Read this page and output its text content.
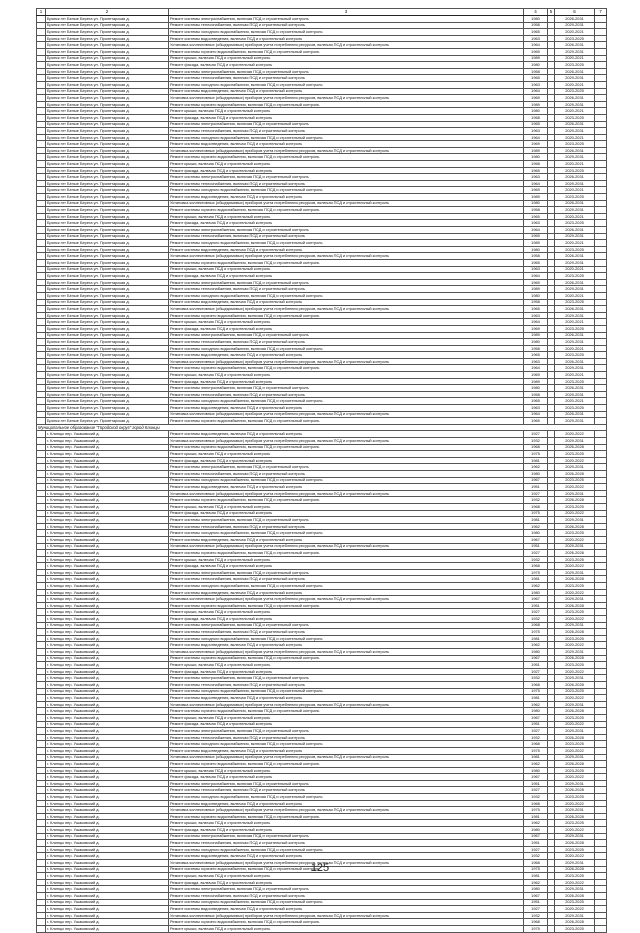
1	2	3	4	5	6	7
	Брянск пгт Белые Берега ул. Пролетарская д.	Ремонт системы электроснабжения, включая ПСД и строительный контроль	1980		2026-2031	
	Брянск пгт Белые Берега ул. Пролетарская д.	Ремонт системы теплоснабжения, включая ПСД и строительный контроль	1958		2029-2031	
	Брянск пгт Белые Берега ул. Пролетарская д.	Ремонт системы холодного водоснабжения, включая ПСД и строительный контроль	1965		2020-2021	
	Брянск пгт Белые Берега ул. Пролетарская д.	Ремонт системы водоотведения, включая ПСД и строительный контроль	1963		2023-2025	
	Брянск пгт Белые Берега ул. Пролетарская д.	Установка коллективных (общедомовых) приборов учета потребления ресурсов, включая ПСД и строительный контроль	1964		2026-2031	
	Брянск пгт Белые Берега ул. Пролетарская д.	Ремонт системы горячего водоснабжения, включая ПСД и строительный контроль	1969		2029-2031	
	Брянск пгт Белые Берега ул. Пролетарская д.	Ремонт крыши, включая ПСД и строительный контроль	1989		2020-2021	
	Брянск пгт Белые Берега ул. Пролетарская д.	Ремонт фасада, включая ПСД и строительный контроль	1980		2023-2025	
	Брянск пгт Белые Берега ул. Пролетарская д.	Ремонт системы электроснабжения, включая ПСД и строительный контроль	1958		2026-2031	
	Брянск пгт Белые Берега ул. Пролетарская д.	Ремонт системы теплоснабжения, включая ПСД и строительный контроль	1965		2029-2031	
	Брянск пгт Белые Берега ул. Пролетарская д.	Ремонт системы холодного водоснабжения, включая ПСД и строительный контроль	1963		2020-2021	
	Брянск пгт Белые Берега ул. Пролетарская д.	Ремонт системы водоотведения, включая ПСД и строительный контроль	1964		2023-2025	
	Брянск пгт Белые Берега ул. Пролетарская д.	Установка коллективных (общедомовых) приборов учета потребления ресурсов, включая ПСД и строительный контроль	1969		2026-2031	
	Брянск пгт Белые Берега ул. Пролетарская д.	Ремонт системы горячего водоснабжения, включая ПСД и строительный контроль	1989		2029-2031	
	Брянск пгт Белые Берега ул. Пролетарская д.	Ремонт крыши, включая ПСД и строительный контроль	1980		2020-2021	
	Брянск пгт Белые Берега ул. Пролетарская д.	Ремонт фасада, включая ПСД и строительный контроль	1958		2023-2025	
	Брянск пгт Белые Берега ул. Пролетарская д.	Ремонт системы электроснабжения, включая ПСД и строительный контроль	1965		2026-2031	
	Брянск пгт Белые Берега ул. Пролетарская д.	Ремонт системы теплоснабжения, включая ПСД и строительный контроль	1963		2029-2031	
	Брянск пгт Белые Берега ул. Пролетарская д.	Ремонт системы холодного водоснабжения, включая ПСД и строительный контроль	1964		2020-2021	
	Брянск пгт Белые Берега ул. Пролетарская д.	Ремонт системы водоотведения, включая ПСД и строительный контроль	1969		2023-2025	
	Брянск пгт Белые Берега ул. Пролетарская д.	Установка коллективных (общедомовых) приборов учета потребления ресурсов, включая ПСД и строительный контроль	1989		2026-2031	
	Брянск пгт Белые Берега ул. Пролетарская д.	Ремонт системы горячего водоснабжения, включая ПСД и строительный контроль	1980		2029-2031	
	Брянск пгт Белые Берега ул. Пролетарская д.	Ремонт крыши, включая ПСД и строительный контроль	1958		2020-2021	
	Брянск пгт Белые Берега ул. Пролетарская д.	Ремонт фасада, включая ПСД и строительный контроль	1965		2023-2025	
	Брянск пгт Белые Берега ул. Пролетарская д.	Ремонт системы электроснабжения, включая ПСД и строительный контроль	1963		2026-2031	
	Брянск пгт Белые Берега ул. Пролетарская д.	Ремонт системы теплоснабжения, включая ПСД и строительный контроль	1964		2029-2031	
	Брянск пгт Белые Берега ул. Пролетарская д.	Ремонт системы холодного водоснабжения, включая ПСД и строительный контроль	1969		2020-2021	
	Брянск пгт Белые Берега ул. Пролетарская д.	Ремонт системы водоотведения, включая ПСД и строительный контроль	1989		2023-2025	
	Брянск пгт Белые Берега ул. Пролетарская д.	Установка коллективных (общедомовых) приборов учета потребления ресурсов, включая ПСД и строительный контроль	1980		2026-2031	
	Брянск пгт Белые Берега ул. Пролетарская д.	Ремонт системы горячего водоснабжения, включая ПСД и строительный контроль	1958		2029-2031	
	Брянск пгт Белые Берега ул. Пролетарская д.	Ремонт крыши, включая ПСД и строительный контроль	1965		2020-2021	
	Брянск пгт Белые Берега ул. Пролетарская д.	Ремонт фасада, включая ПСД и строительный контроль	1963		2023-2025	
	Брянск пгт Белые Берега ул. Пролетарская д.	Ремонт системы электроснабжения, включая ПСД и строительный контроль	1964		2026-2031	
	Брянск пгт Белые Берега ул. Пролетарская д.	Ремонт системы теплоснабжения, включая ПСД и строительный контроль	1969		2029-2031	
	Брянск пгт Белые Берега ул. Пролетарская д.	Ремонт системы холодного водоснабжения, включая ПСД и строительный контроль	1989		2020-2021	
	Брянск пгт Белые Берега ул. Пролетарская д.	Ремонт системы водоотведения, включая ПСД и строительный контроль	1980		2023-2025	
	Брянск пгт Белые Берега ул. Пролетарская д.	Установка коллективных (общедомовых) приборов учета потребления ресурсов, включая ПСД и строительный контроль	1958		2026-2031	
	Брянск пгт Белые Берега ул. Пролетарская д.	Ремонт системы горячего водоснабжения, включая ПСД и строительный контроль	1965		2029-2031	
	Брянск пгт Белые Берега ул. Пролетарская д.	Ремонт крыши, включая ПСД и строительный контроль	1963		2020-2021	
	Брянск пгт Белые Берега ул. Пролетарская д.	Ремонт фасада, включая ПСД и строительный контроль	1964		2023-2025	
	Брянск пгт Белые Берега ул. Пролетарская д.	Ремонт системы электроснабжения, включая ПСД и строительный контроль	1969		2026-2031	
	Брянск пгт Белые Берега ул. Пролетарская д.	Ремонт системы теплоснабжения, включая ПСД и строительный контроль	1989		2029-2031	
	Брянск пгт Белые Берега ул. Пролетарская д.	Ремонт системы холодного водоснабжения, включая ПСД и строительный контроль	1980		2020-2021	
	Брянск пгт Белые Берега ул. Пролетарская д.	Ремонт системы водоотведения, включая ПСД и строительный контроль	1958		2023-2025	
	Брянск пгт Белые Берега ул. Пролетарская д.	Установка коллективных (общедомовых) приборов учета потребления ресурсов, включая ПСД и строительный контроль	1965		2026-2031	
	Брянск пгт Белые Берега ул. Пролетарская д.	Ремонт системы горячего водоснабжения, включая ПСД и строительный контроль	1963		2029-2031	
	Брянск пгт Белые Берега ул. Пролетарская д.	Ремонт крыши, включая ПСД и строительный контроль	1964		2020-2021	
	Брянск пгт Белые Берега ул. Пролетарская д.	Ремонт фасада, включая ПСД и строительный контроль	1969		2023-2025	
	Брянск пгт Белые Берега ул. Пролетарская д.	Ремонт системы электроснабжения, включая ПСД и строительный контроль	1989		2026-2031	
	Брянск пгт Белые Берега ул. Пролетарская д.	Ремонт системы теплоснабжения, включая ПСД и строительный контроль	1980		2029-2031	
	Брянск пгт Белые Берега ул. Пролетарская д.	Ремонт системы холодного водоснабжения, включая ПСД и строительный контроль	1958		2020-2021	
	Брянск пгт Белые Берега ул. Пролетарская д.	Ремонт системы водоотведения, включая ПСД и строительный контроль	1965		2023-2025	
	Брянск пгт Белые Берега ул. Пролетарская д.	Установка коллективных (общедомовых) приборов учета потребления ресурсов, включая ПСД и строительный контроль	1963		2026-2031	
	Брянск пгт Белые Берега ул. Пролетарская д.	Ремонт системы горячего водоснабжения, включая ПСД и строительный контроль	1964		2029-2031	
	Брянск пгт Белые Берега ул. Пролетарская д.	Ремонт крыши, включая ПСД и строительный контроль	1969		2020-2021	
	Брянск пгт Белые Берега ул. Пролетарская д.	Ремонт фасада, включая ПСД и строительный контроль	1989		2023-2025	
	Брянск пгт Белые Берега ул. Пролетарская д.	Ремонт системы электроснабжения, включая ПСД и строительный контроль	1980		2026-2031	
	Брянск пгт Белые Берега ул. Пролетарская д.	Ремонт системы теплоснабжения, включая ПСД и строительный контроль	1958		2029-2031	
	Брянск пгт Белые Берега ул. Пролетарская д.	Ремонт системы холодного водоснабжения, включая ПСД и строительный контроль	1965		2020-2021	
	Брянск пгт Белые Берега ул. Пролетарская д.	Ремонт системы водоотведения, включая ПСД и строительный контроль	1963		2023-2025	
	Брянск пгт Белые Берега ул. Пролетарская д.	Установка коллективных (общедомовых) приборов учета потребления ресурсов, включая ПСД и строительный контроль	1964		2026-2031	
	Брянск пгт Белые Берега ул. Пролетарская д.	Ремонт системы горячего водоснабжения, включая ПСД и строительный контроль	1969		2029-2031	
Муниципальное образование "Городской округ" город Клинцы						
	г. Клинцы пер. Ушаковский д.	Ремонт системы водоотведения, включая ПСД и строительный контроль	1927		2020-2022	
	г. Клинцы пер. Ушаковский д.	Установка коллективных (общедомовых) приборов учета потребления ресурсов, включая ПСД и строительный контроль	1932		2029-2031	
	г. Клинцы пер. Ушаковский д.	Ремонт системы горячего водоснабжения, включая ПСД и строительный контроль	1968		2026-2028	
	г. Клинцы пер. Ушаковский д.	Ремонт крыши, включая ПСД и строительный контроль	1975		2023-2025	
	г. Клинцы пер. Ушаковский д.	Ремонт фасада, включая ПСД и строительный контроль	1981		2020-2022	
	г. Клинцы пер. Ушаковский д.	Ремонт системы электроснабжения, включая ПСД и строительный контроль	1962		2029-2031	
	г. Клинцы пер. Ушаковский д.	Ремонт системы теплоснабжения, включая ПСД и строительный контроль	1980		2026-2028	
	г. Клинцы пер. Ушаковский д.	Ремонт системы холодного водоснабжения, включая ПСД и строительный контроль	1967		2023-2025	
	г. Клинцы пер. Ушаковский д.	Ремонт системы водоотведения, включая ПСД и строительный контроль	1951		2020-2022	
	г. Клинцы пер. Ушаковский д.	Установка коллективных (общедомовых) приборов учета потребления ресурсов, включая ПСД и строительный контроль	1927		2029-2031	
	г. Клинцы пер. Ушаковский д.	Ремонт системы горячего водоснабжения, включая ПСД и строительный контроль	1932		2026-2028	
	г. Клинцы пер. Ушаковский д.	Ремонт крыши, включая ПСД и строительный контроль	1968		2023-2025	
	г. Клинцы пер. Ушаковский д.	Ремонт фасада, включая ПСД и строительный контроль	1975		2020-2022	
	г. Клинцы пер. Ушаковский д.	Ремонт системы электроснабжения, включая ПСД и строительный контроль	1981		2029-2031	
	г. Клинцы пер. Ушаковский д.	Ремонт системы теплоснабжения, включая ПСД и строительный контроль	1962		2026-2028	
	г. Клинцы пер. Ушаковский д.	Ремонт системы холодного водоснабжения, включая ПСД и строительный контроль	1980		2023-2025	
	г. Клинцы пер. Ушаковский д.	Ремонт системы водоотведения, включая ПСД и строительный контроль	1967		2020-2022	
	г. Клинцы пер. Ушаковский д.	Установка коллективных (общедомовых) приборов учета потребления ресурсов, включая ПСД и строительный контроль	1951		2029-2031	
	г. Клинцы пер. Ушаковский д.	Ремонт системы горячего водоснабжения, включая ПСД и строительный контроль	1927		2026-2028	
	г. Клинцы пер. Ушаковский д.	Ремонт крыши, включая ПСД и строительный контроль	1932		2023-2025	
	г. Клинцы пер. Ушаковский д.	Ремонт фасада, включая ПСД и строительный контроль	1968		2020-2022	
	г. Клинцы пер. Ушаковский д.	Ремонт системы электроснабжения, включая ПСД и строительный контроль	1975		2029-2031	
	г. Клинцы пер. Ушаковский д.	Ремонт системы теплоснабжения, включая ПСД и строительный контроль	1981		2026-2028	
	г. Клинцы пер. Ушаковский д.	Ремонт системы холодного водоснабжения, включая ПСД и строительный контроль	1962		2023-2025	
	г. Клинцы пер. Ушаковский д.	Ремонт системы водоотведения, включая ПСД и строительный контроль	1980		2020-2022	
	г. Клинцы пер. Ушаковский д.	Установка коллективных (общедомовых) приборов учета потребления ресурсов, включая ПСД и строительный контроль	1967		2029-2031	
	г. Клинцы пер. Ушаковский д.	Ремонт системы горячего водоснабжения, включая ПСД и строительный контроль	1951		2026-2028	
	г. Клинцы пер. Ушаковский д.	Ремонт крыши, включая ПСД и строительный контроль	1927		2023-2025	
	г. Клинцы пер. Ушаковский д.	Ремонт фасада, включая ПСД и строительный контроль	1932		2020-2022	
	г. Клинцы пер. Ушаковский д.	Ремонт системы электроснабжения, включая ПСД и строительный контроль	1968		2029-2031	
	г. Клинцы пер. Ушаковский д.	Ремонт системы теплоснабжения, включая ПСД и строительный контроль	1975		2026-2028	
	г. Клинцы пер. Ушаковский д.	Ремонт системы холодного водоснабжения, включая ПСД и строительный контроль	1981		2023-2025	
	г. Клинцы пер. Ушаковский д.	Ремонт системы водоотведения, включая ПСД и строительный контроль	1962		2020-2022	
	г. Клинцы пер. Ушаковский д.	Установка коллективных (общедомовых) приборов учета потребления ресурсов, включая ПСД и строительный контроль	1980		2029-2031	
	г. Клинцы пер. Ушаковский д.	Ремонт системы горячего водоснабжения, включая ПСД и строительный контроль	1967		2026-2028	
	г. Клинцы пер. Ушаковский д.	Ремонт крыши, включая ПСД и строительный контроль	1951		2023-2025	
	г. Клинцы пер. Ушаковский д.	Ремонт фасада, включая ПСД и строительный контроль	1927		2020-2022	
	г. Клинцы пер. Ушаковский д.	Ремонт системы электроснабжения, включая ПСД и строительный контроль	1932		2029-2031	
	г. Клинцы пер. Ушаковский д.	Ремонт системы теплоснабжения, включая ПСД и строительный контроль	1968		2026-2028	
	г. Клинцы пер. Ушаковский д.	Ремонт системы холодного водоснабжения, включая ПСД и строительный контроль	1975		2023-2025	
	г. Клинцы пер. Ушаковский д.	Ремонт системы водоотведения, включая ПСД и строительный контроль	1981		2020-2022	
	г. Клинцы пер. Ушаковский д.	Установка коллективных (общедомовых) приборов учета потребления ресурсов, включая ПСД и строительный контроль	1962		2029-2031	
	г. Клинцы пер. Ушаковский д.	Ремонт системы горячего водоснабжения, включая ПСД и строительный контроль	1980		2026-2028	
	г. Клинцы пер. Ушаковский д.	Ремонт крыши, включая ПСД и строительный контроль	1967		2023-2025	
	г. Клинцы пер. Ушаковский д.	Ремонт фасада, включая ПСД и строительный контроль	1951		2020-2022	
	г. Клинцы пер. Ушаковский д.	Ремонт системы электроснабжения, включая ПСД и строительный контроль	1927		2029-2031	
	г. Клинцы пер. Ушаковский д.	Ремонт системы теплоснабжения, включая ПСД и строительный контроль	1932		2026-2028	
	г. Клинцы пер. Ушаковский д.	Ремонт системы холодного водоснабжения, включая ПСД и строительный контроль	1968		2023-2025	
	г. Клинцы пер. Ушаковский д.	Ремонт системы водоотведения, включая ПСД и строительный контроль	1975		2020-2022	
	г. Клинцы пер. Ушаковский д.	Установка коллективных (общедомовых) приборов учета потребления ресурсов, включая ПСД и строительный контроль	1981		2029-2031	
	г. Клинцы пер. Ушаковский д.	Ремонт системы горячего водоснабжения, включая ПСД и строительный контроль	1962		2026-2028	
	г. Клинцы пер. Ушаковский д.	Ремонт крыши, включая ПСД и строительный контроль	1980		2023-2025	
	г. Клинцы пер. Ушаковский д.	Ремонт фасада, включая ПСД и строительный контроль	1967		2020-2022	
	г. Клинцы пер. Ушаковский д.	Ремонт системы электроснабжения, включая ПСД и строительный контроль	1951		2029-2031	
	г. Клинцы пер. Ушаковский д.	Ремонт системы теплоснабжения, включая ПСД и строительный контроль	1927		2026-2028	
	г. Клинцы пер. Ушаковский д.	Ремонт системы холодного водоснабжения, включая ПСД и строительный контроль	1932		2023-2025	
	г. Клинцы пер. Ушаковский д.	Ремонт системы водоотведения, включая ПСД и строительный контроль	1968		2020-2022	
	г. Клинцы пер. Ушаковский д.	Установка коллективных (общедомовых) приборов учета потребления ресурсов, включая ПСД и строительный контроль	1975		2029-2031	
	г. Клинцы пер. Ушаковский д.	Ремонт системы горячего водоснабжения, включая ПСД и строительный контроль	1981		2026-2028	
	г. Клинцы пер. Ушаковский д.	Ремонт крыши, включая ПСД и строительный контроль	1962		2023-2025	
	г. Клинцы пер. Ушаковский д.	Ремонт фасада, включая ПСД и строительный контроль	1980		2020-2022	
	г. Клинцы пер. Ушаковский д.	Ремонт системы электроснабжения, включая ПСД и строительный контроль	1967		2029-2031	
	г. Клинцы пер. Ушаковский д.	Ремонт системы теплоснабжения, включая ПСД и строительный контроль	1951		2026-2028	
	г. Клинцы пер. Ушаковский д.	Ремонт системы холодного водоснабжения, включая ПСД и строительный контроль	1927		2023-2025	
	г. Клинцы пер. Ушаковский д.	Ремонт системы водоотведения, включая ПСД и строительный контроль	1932		2020-2022	
	г. Клинцы пер. Ушаковский д.	Установка коллективных (общедомовых) приборов учета потребления ресурсов, включая ПСД и строительный контроль	1968		2029-2031	
	г. Клинцы пер. Ушаковский д.	Ремонт системы горячего водоснабжения, включая ПСД и строительный контроль	1975		2026-2028	
	г. Клинцы пер. Ушаковский д.	Ремонт крыши, включая ПСД и строительный контроль	1981		2023-2025	
	г. Клинцы пер. Ушаковский д.	Ремонт фасада, включая ПСД и строительный контроль	1962		2020-2022	
	г. Клинцы пер. Ушаковский д.	Ремонт системы электроснабжения, включая ПСД и строительный контроль	1980		2029-2031	
	г. Клинцы пер. Ушаковский д.	Ремонт системы теплоснабжения, включая ПСД и строительный контроль	1967		2026-2028	
	г. Клинцы пер. Ушаковский д.	Ремонт системы холодного водоснабжения, включая ПСД и строительный контроль	1951		2023-2025	
	г. Клинцы пер. Ушаковский д.	Ремонт системы водоотведения, включая ПСД и строительный контроль	1927		2020-2022	
	г. Клинцы пер. Ушаковский д.	Установка коллективных (общедомовых) приборов учета потребления ресурсов, включая ПСД и строительный контроль	1932		2029-2031	
	г. Клинцы пер. Ушаковский д.	Ремонт системы горячего водоснабжения, включая ПСД и строительный контроль	1968		2026-2028	
	г. Клинцы пер. Ушаковский д.	Ремонт крыши, включая ПСД и строительный контроль	1975		2023-2025	
125
